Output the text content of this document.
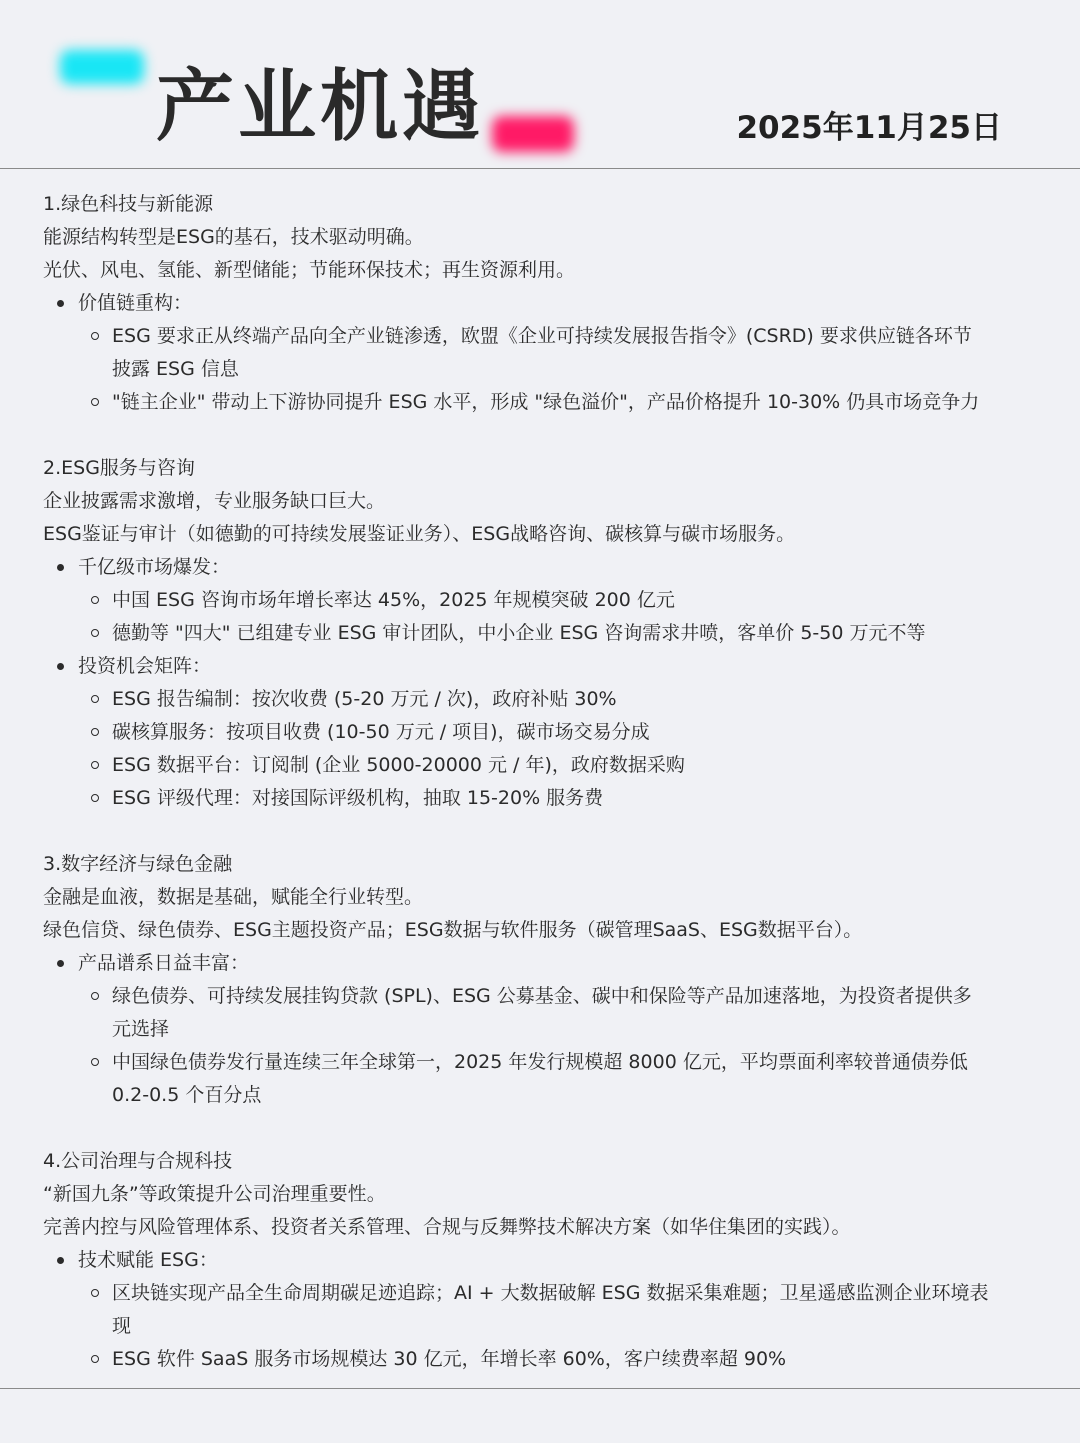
产业机遇	2025年11月25日

1.绿色科技与新能源

能源结构转型是ESG的基石，技术驱动明确。

光伏、风电、氢能、新型储能；节能环保技术；再生资源利用。

价值链重构：
ESG 要求正从终端产品向全产业链渗透，欧盟《企业可持续发展报告指令》(CSRD) 要求供应链各环节
披露 ESG 信息
"链主企业" 带动上下游协同提升 ESG 水平，形成 "绿色溢价"，产品价格提升 10-30% 仍具市场竞争力

2.ESG服务与咨询

企业披露需求激增，专业服务缺口巨大。

ESG鉴证与审计（如德勤的可持续发展鉴证业务）、ESG战略咨询、碳核算与碳市场服务。

千亿级市场爆发：
中国 ESG 咨询市场年增长率达 45%，2025 年规模突破 200 亿元
德勤等 "四大" 已组建专业 ESG 审计团队，中小企业 ESG 咨询需求井喷，客单价 5-50 万元不等
投资机会矩阵：
ESG 报告编制：按次收费 (5-20 万元 / 次)，政府补贴 30%
碳核算服务：按项目收费 (10-50 万元 / 项目)，碳市场交易分成
ESG 数据平台：订阅制 (企业 5000-20000 元 / 年)，政府数据采购
ESG 评级代理：对接国际评级机构，抽取 15-20% 服务费

3.数字经济与绿色金融

金融是血液，数据是基础，赋能全行业转型。

绿色信贷、绿色债券、ESG主题投资产品；ESG数据与软件服务（碳管理SaaS、ESG数据平台）。

产品谱系日益丰富：
绿色债券、可持续发展挂钩贷款 (SPL)、ESG 公募基金、碳中和保险等产品加速落地，为投资者提供多
元选择
中国绿色债券发行量连续三年全球第一，2025 年发行规模超 8000 亿元，平均票面利率较普通债券低
0.2-0.5 个百分点

4.公司治理与合规科技

“新国九条”等政策提升公司治理重要性。

完善内控与风险管理体系、投资者关系管理、合规与反舞弊技术解决方案（如华住集团的实践）。

技术赋能 ESG：
区块链实现产品全生命周期碳足迹追踪；AI + 大数据破解 ESG 数据采集难题；卫星遥感监测企业环境表
现
ESG 软件 SaaS 服务市场规模达 30 亿元，年增长率 60%，客户续费率超 90%
